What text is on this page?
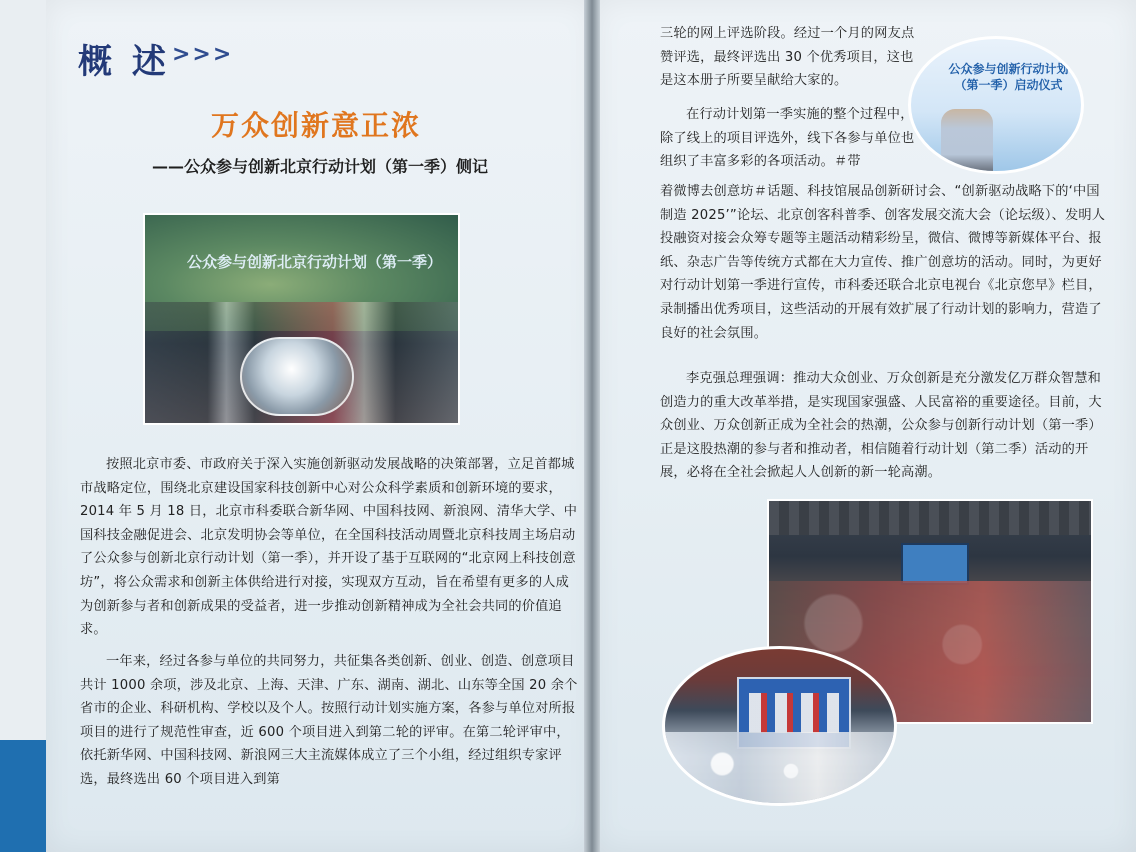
概 述 >>>
万众创新意正浓
——公众参与创新北京行动计划（第一季）侧记
公众参与创新北京行动计划（第一季）

按照北京市委、市政府关于深入实施创新驱动发展战略的决策部署，立足首都城市战略定位，围绕北京建设国家科技创新中心对公众科学素质和创新环境的要求，2014 年 5 月 18 日，北京市科委联合新华网、中国科技网、新浪网、清华大学、中国科技金融促进会、北京发明协会等单位，在全国科技活动周暨北京科技周主场启动了公众参与创新北京行动计划（第一季），并开设了基于互联网的“北京网上科技创意坊”，将公众需求和创新主体供给进行对接，实现双方互动，旨在希望有更多的人成为创新参与者和创新成果的受益者，进一步推动创新精神成为全社会共同的价值追求。

一年来，经过各参与单位的共同努力，共征集各类创新、创业、创造、创意项目共计 1000 余项，涉及北京、上海、天津、广东、湖南、湖北、山东等全国 20 余个省市的企业、科研机构、学校以及个人。按照行动计划实施方案，各参与单位对所报项目的进行了规范性审查，近 600 个项目进入到第二轮的评审。在第二轮评审中，依托新华网、中国科技网、新浪网三大主流媒体成立了三个小组，经过组织专家评选，最终选出 60 个项目进入到第

三轮的网上评选阶段。经过一个月的网友点赞评选，最终评选出 30 个优秀项目，这也是这本册子所要呈献给大家的。

公众参与创新行动计划（第一季）启动仪式

在行动计划第一季实施的整个过程中，除了线上的项目评选外，线下各参与单位也组织了丰富多彩的各项活动。＃带

着微博去创意坊＃话题、科技馆展品创新研讨会、“创新驱动战略下的‘中国制造 2025’”论坛、北京创客科普季、创客发展交流大会（论坛级）、发明人投融资对接会众筹专题等主题活动精彩纷呈，微信、微博等新媒体平台、报纸、杂志广告等传统方式都在大力宣传、推广创意坊的活动。同时，为更好对行动计划第一季进行宣传，市科委还联合北京电视台《北京您早》栏目，录制播出优秀项目，这些活动的开展有效扩展了行动计划的影响力，营造了良好的社会氛围。

李克强总理强调：推动大众创业、万众创新是充分激发亿万群众智慧和创造力的重大改革举措，是实现国家强盛、人民富裕的重要途径。目前，大众创业、万众创新正成为全社会的热潮，公众参与创新行动计划（第一季）正是这股热潮的参与者和推动者，相信随着行动计划（第二季）活动的开展，必将在全社会掀起人人创新的新一轮高潮。
